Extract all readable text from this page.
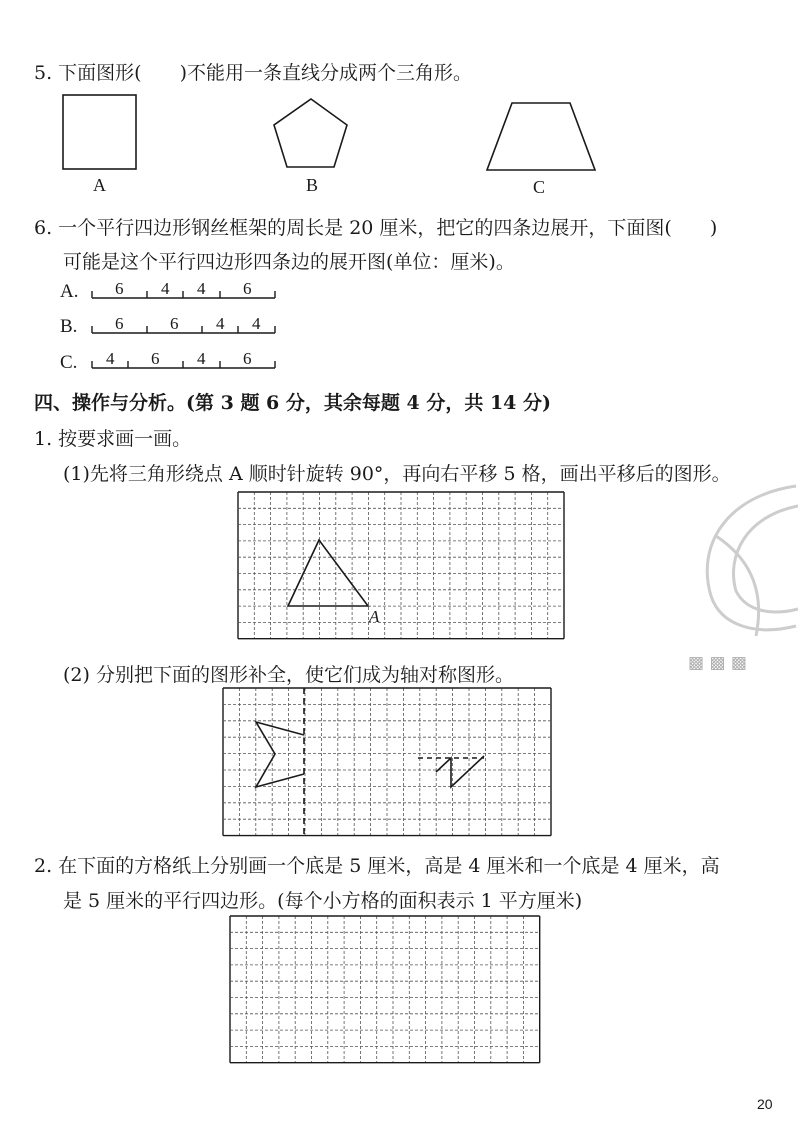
5. 下面图形(　　)不能用一条直线分成两个三角形。
A	B	C
6. 一个平行四边形钢丝框架的周长是 20 厘米，把它的四条边展开，下面图(　　)
可能是这个平行四边形四条边的展开图(单位：厘米)。
A.
B.
C.
6 4 4 6
6	6 4 4
4 6 4 6
四、操作与分析。(第 3 题 6 分，其余每题 4 分，共 14 分)
1. 按要求画一画。
(1)先将三角形绕点 A 顺时针旋转 90°，再向右平移 5 格，画出平移后的图形。
A
(2) 分别把下面的图形补全，使它们成为轴对称图形。
2. 在下面的方格纸上分别画一个底是 5 厘米，高是 4 厘米和一个底是 4 厘米，高
是 5 厘米的平行四边形。(每个小方格的面积表示 1 平方厘米)
20
▩ ▩ ▩
